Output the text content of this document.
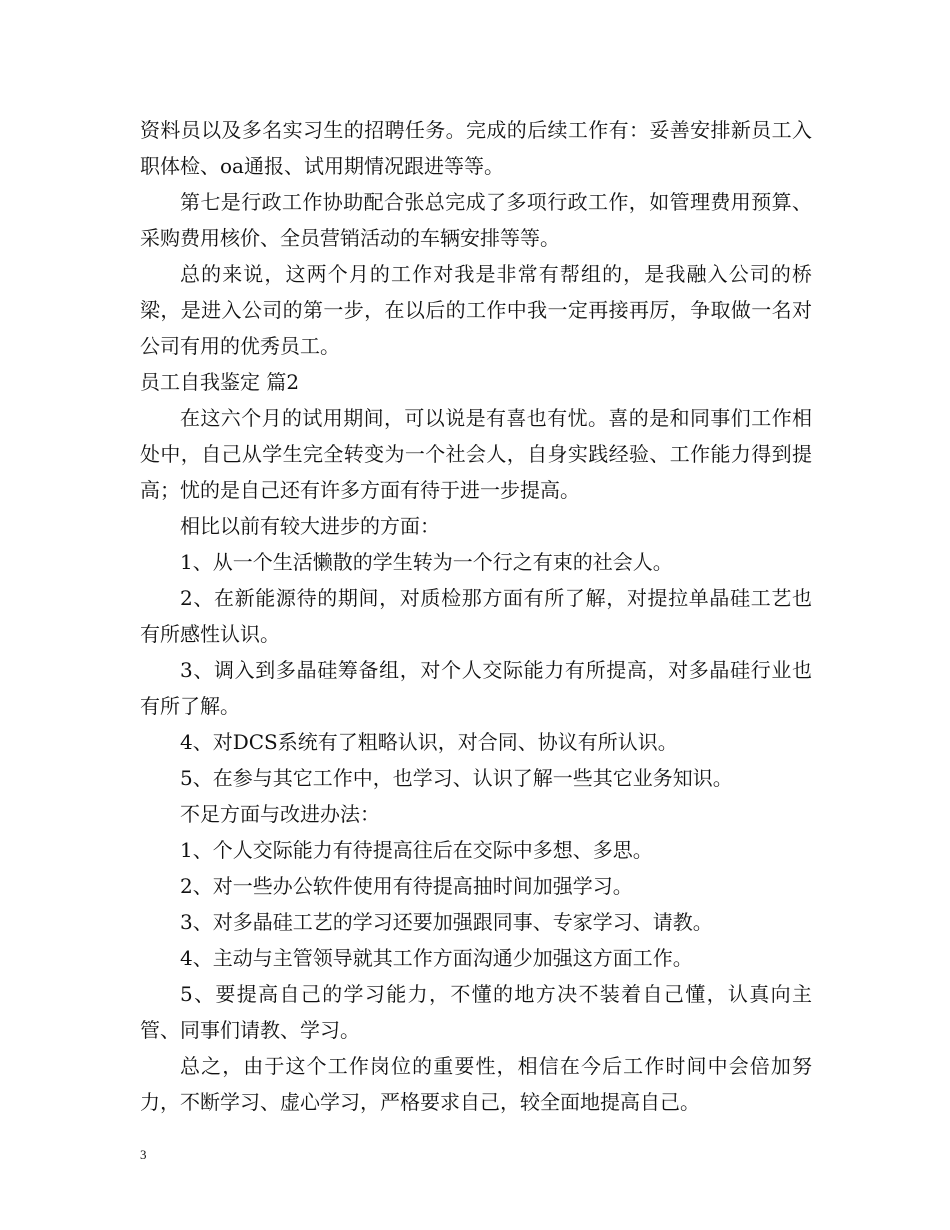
资料员以及多名实习生的招聘任务。完成的后续工作有：妥善安排新员工入职体检、oa通报、试用期情况跟进等等。

第七是行政工作协助配合张总完成了多项行政工作，如管理费用预算、采购费用核价、全员营销活动的车辆安排等等。

总的来说，这两个月的工作对我是非常有帮组的，是我融入公司的桥梁，是进入公司的第一步，在以后的工作中我一定再接再厉，争取做一名对公司有用的优秀员工。

员工自我鉴定 篇2

在这六个月的试用期间，可以说是有喜也有忧。喜的是和同事们工作相处中，自己从学生完全转变为一个社会人，自身实践经验、工作能力得到提高；忧的是自己还有许多方面有待于进一步提高。

相比以前有较大进步的方面：

1、从一个生活懒散的学生转为一个行之有束的社会人。

2、在新能源待的期间，对质检那方面有所了解，对提拉单晶硅工艺也有所感性认识。

3、调入到多晶硅筹备组，对个人交际能力有所提高，对多晶硅行业也有所了解。

4、对DCS系统有了粗略认识，对合同、协议有所认识。

5、在参与其它工作中，也学习、认识了解一些其它业务知识。

不足方面与改进办法：

1、个人交际能力有待提高往后在交际中多想、多思。

2、对一些办公软件使用有待提高抽时间加强学习。

3、对多晶硅工艺的学习还要加强跟同事、专家学习、请教。

4、主动与主管领导就其工作方面沟通少加强这方面工作。

5、要提高自己的学习能力，不懂的地方决不装着自己懂，认真向主管、同事们请教、学习。

总之，由于这个工作岗位的重要性，相信在今后工作时间中会倍加努力，不断学习、虚心学习，严格要求自己，较全面地提高自己。

3
